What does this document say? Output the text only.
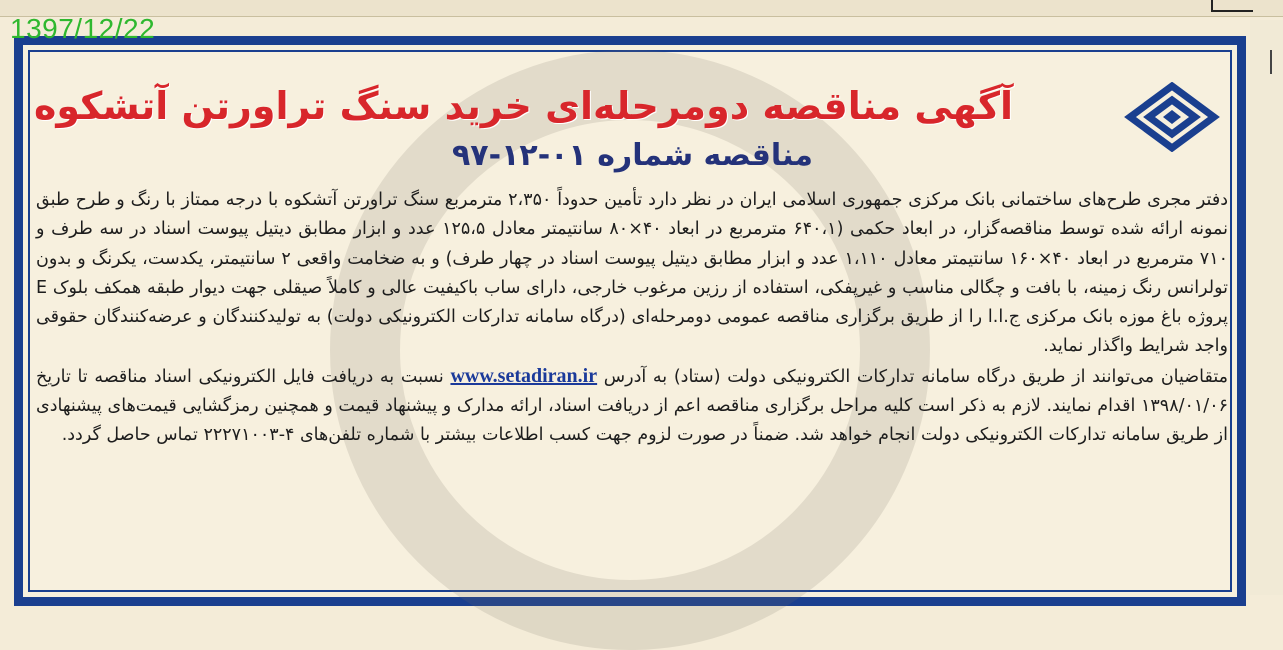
1397/12/22
آگهی مناقصه دومرحله‌ای خرید سنگ تراورتن آتشکوه
مناقصه شماره ۰۱-۱۲-۹۷

دفتر مجری طرح‌های ساختمانی بانک مرکزی جمهوری اسلامی ایران در نظر دارد تأمین حدوداً ۲،۳۵۰ مترمربع سنگ تراورتن آتشکوه با درجه ممتاز با رنگ و طرح طبق نمونه ارائه شده توسط مناقصه‌گزار، در ابعاد حکمی (۶۴۰،۱ مترمربع در ابعاد ۴۰×۸۰ سانتیمتر معادل ۱۲۵،۵ عدد و ابزار مطابق دیتیل پیوست اسناد در سه طرف و ۷۱۰ مترمربع در ابعاد ۴۰×۱۶۰ سانتیمتر معادل ۱،۱۱۰ عدد و ابزار مطابق دیتیل پیوست اسناد در چهار طرف) و به ضخامت واقعی ۲ سانتیمتر، یکدست، یکرنگ و بدون تولرانس رنگ زمینه، با بافت و چگالی مناسب و غیرپفکی، استفاده از رزین مرغوب خارجی، دارای ساب باکیفیت عالی و کاملاً صیقلی جهت دیوار طبقه همکف بلوک E پروژه باغ موزه بانک مرکزی ج.ا.ا را از طریق برگزاری مناقصه عمومی دومرحله‌ای (درگاه سامانه تدارکات الکترونیکی دولت) به تولیدکنندگان و عرضه‌کنندگان حقوقی واجد شرایط واگذار نماید.

متقاضیان می‌توانند از طریق درگاه سامانه تدارکات الکترونیکی دولت (ستاد) به آدرس www.setadiran.ir نسبت به دریافت فایل الکترونیکی اسناد مناقصه تا تاریخ ۱۳۹۸/۰۱/۰۶ اقدام نمایند. لازم به ذکر است کلیه مراحل برگزاری مناقصه اعم از دریافت اسناد، ارائه مدارک و پیشنهاد قیمت و همچنین رمزگشایی قیمت‌های پیشنهادی از طریق سامانه تدارکات الکترونیکی دولت انجام خواهد شد. ضمناً در صورت لزوم جهت کسب اطلاعات بیشتر با شماره تلفن‌های ۴-۲۲۲۷۱۰۰۳ تماس حاصل گردد.
